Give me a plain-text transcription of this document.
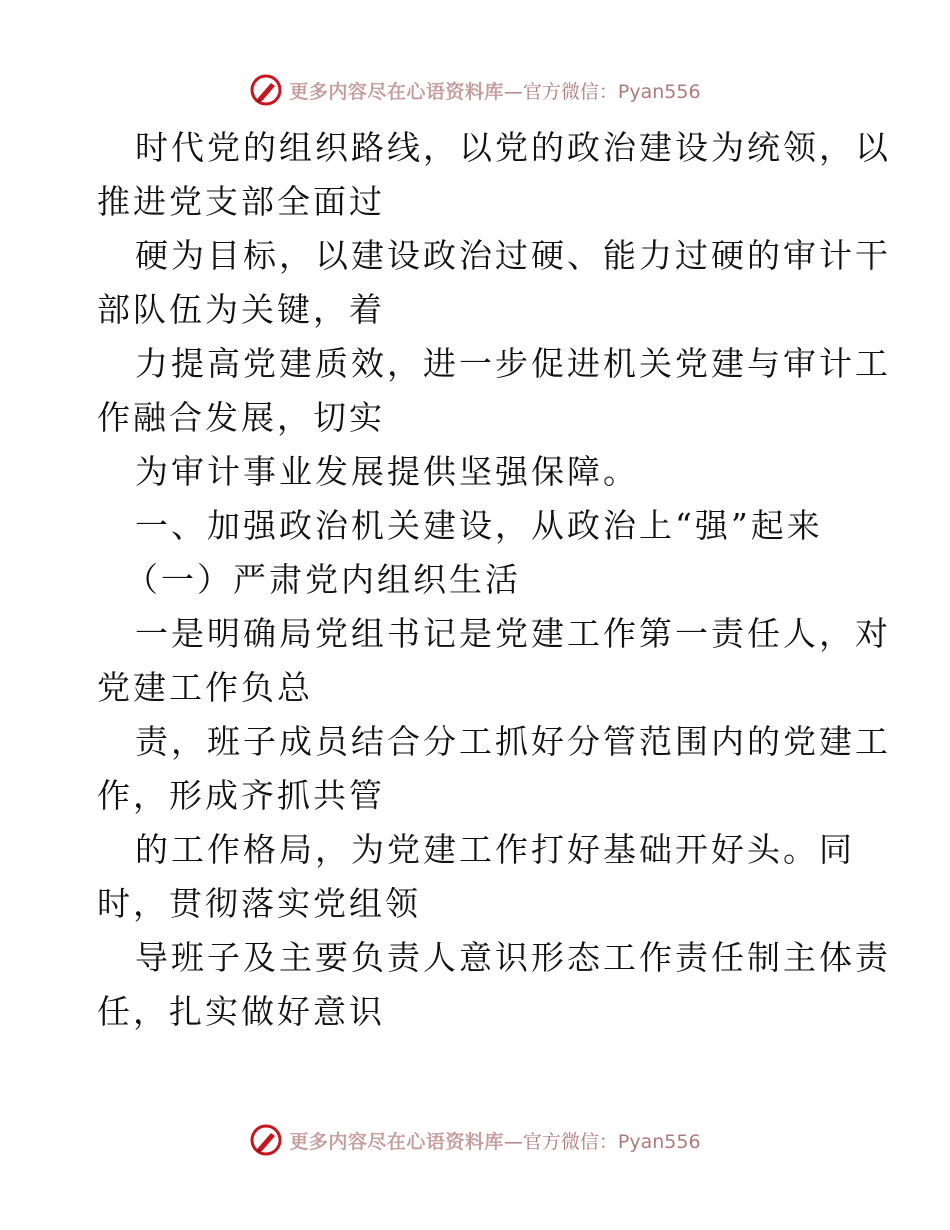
更多内容尽在心语资料库 —官方微信：Pyan556
时代党的组织路线，以党的政治建设为统领，以
推进党支部全面过
硬为目标，以建设政治过硬、能力过硬的审计干
部队伍为关键，着
力提高党建质效，进一步促进机关党建与审计工
作融合发展，切实
为审计事业发展提供坚强保障。
一、加强政治机关建设，从政治上“强”起来
（一）严肃党内组织生活
一是明确局党组书记是党建工作第一责任人，对
党建工作负总
责，班子成员结合分工抓好分管范围内的党建工
作，形成齐抓共管
的工作格局，为党建工作打好基础开好头。同
时，贯彻落实党组领
导班子及主要负责人意识形态工作责任制主体责
任，扎实做好意识
更多内容尽在心语资料库 —官方微信：Pyan556
